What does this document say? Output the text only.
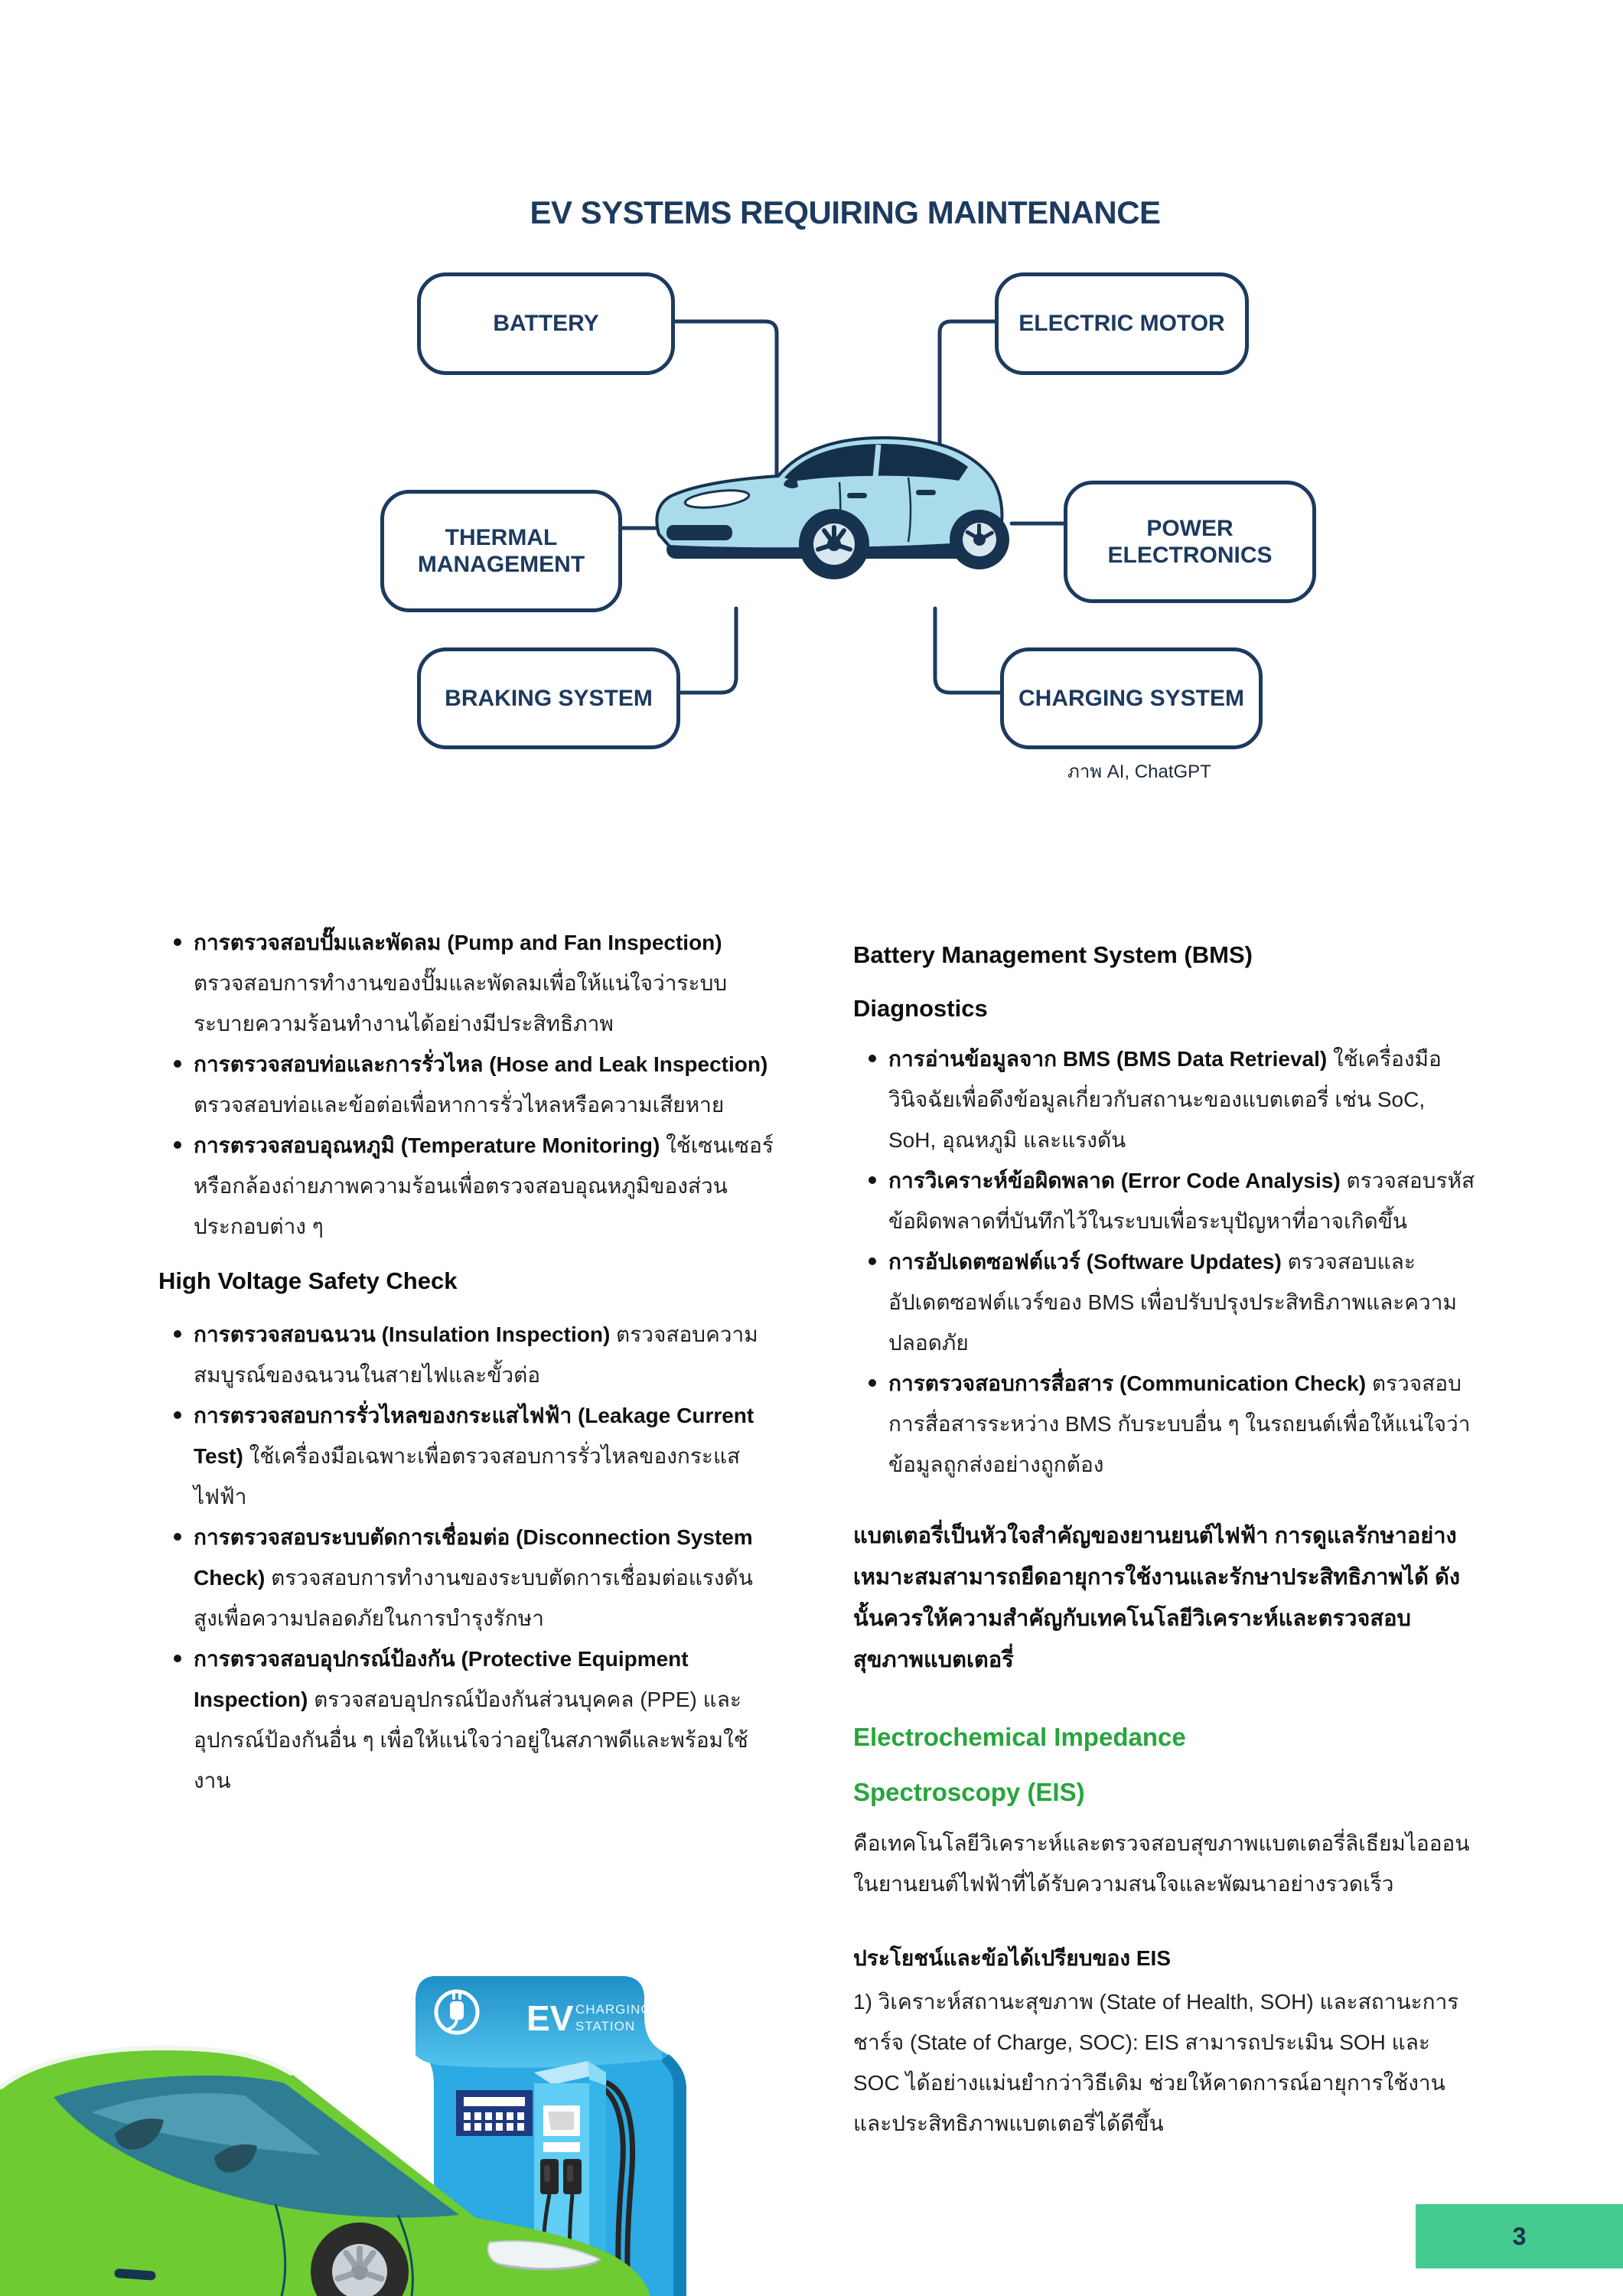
EV SYSTEMS REQUIRING MAINTENANCE
BATTERY	ELECTRIC MOTOR
THERMAL MANAGEMENT
POWER ELECTRONICS
BRAKING SYSTEM	CHARGING SYSTEM
ภาพ AI, ChatGPT
การตรวจสอบปั๊มและพัดลม (Pump and Fan Inspection) ตรวจสอบการทำงานของปั๊มและพัดลมเพื่อให้แน่ใจว่าระบบระบายความร้อนทำงานได้อย่างมีประสิทธิภาพ
การตรวจสอบท่อและการรั่วไหล (Hose and Leak Inspection) ตรวจสอบท่อและข้อต่อเพื่อหาการรั่วไหลหรือความเสียหาย
การตรวจสอบอุณหภูมิ (Temperature Monitoring) ใช้เซนเซอร์หรือกล้องถ่ายภาพความร้อนเพื่อตรวจสอบอุณหภูมิของส่วนประกอบต่าง ๆ
High Voltage Safety Check
การตรวจสอบฉนวน (Insulation Inspection) ตรวจสอบความสมบูรณ์ของฉนวนในสายไฟและขั้วต่อ
การตรวจสอบการรั่วไหลของกระแสไฟฟ้า (Leakage Current Test) ใช้เครื่องมือเฉพาะเพื่อตรวจสอบการรั่วไหลของกระแสไฟฟ้า
การตรวจสอบระบบตัดการเชื่อมต่อ (Disconnection System Check) ตรวจสอบการทำงานของระบบตัดการเชื่อมต่อแรงดันสูงเพื่อความปลอดภัยในการบำรุงรักษา
การตรวจสอบอุปกรณ์ป้องกัน (Protective Equipment Inspection) ตรวจสอบอุปกรณ์ป้องกันส่วนบุคคล (PPE) และอุปกรณ์ป้องกันอื่น ๆ เพื่อให้แน่ใจว่าอยู่ในสภาพดีและพร้อมใช้งาน
Battery Management System (BMS) Diagnostics
การอ่านข้อมูลจาก BMS (BMS Data Retrieval) ใช้เครื่องมือวินิจฉัยเพื่อดึงข้อมูลเกี่ยวกับสถานะของแบตเตอรี่ เช่น SoC, SoH, อุณหภูมิ และแรงดัน
การวิเคราะห์ข้อผิดพลาด (Error Code Analysis) ตรวจสอบรหัสข้อผิดพลาดที่บันทึกไว้ในระบบเพื่อระบุปัญหาที่อาจเกิดขึ้น
การอัปเดตซอฟต์แวร์ (Software Updates) ตรวจสอบและอัปเดตซอฟต์แวร์ของ BMS เพื่อปรับปรุงประสิทธิภาพและความปลอดภัย
การตรวจสอบการสื่อสาร (Communication Check) ตรวจสอบการสื่อสารระหว่าง BMS กับระบบอื่น ๆ ในรถยนต์เพื่อให้แน่ใจว่าข้อมูลถูกส่งอย่างถูกต้อง
แบตเตอรี่เป็นหัวใจสำคัญของยานยนต์ไฟฟ้า การดูแลรักษาอย่างเหมาะสมสามารถยืดอายุการใช้งานและรักษาประสิทธิภาพได้ ดังนั้นควรให้ความสำคัญกับเทคโนโลยีวิเคราะห์และตรวจสอบสุขภาพแบตเตอรี่
Electrochemical Impedance Spectroscopy (EIS)
คือเทคโนโลยีวิเคราะห์และตรวจสอบสุขภาพแบตเตอรี่ลิเธียมไอออนในยานยนต์ไฟฟ้าที่ได้รับความสนใจและพัฒนาอย่างรวดเร็ว
ประโยชน์และข้อได้เปรียบของ EIS
1) วิเคราะห์สถานะสุขภาพ (State of Health, SOH) และสถานะการชาร์จ (State of Charge, SOC): EIS สามารถประเมิน SOH และ SOC ได้อย่างแม่นยำกว่าวิธีเดิม ช่วยให้คาดการณ์อายุการใช้งานและประสิทธิภาพแบตเตอรี่ได้ดีขึ้น
EV CHARGING
STATION
3
